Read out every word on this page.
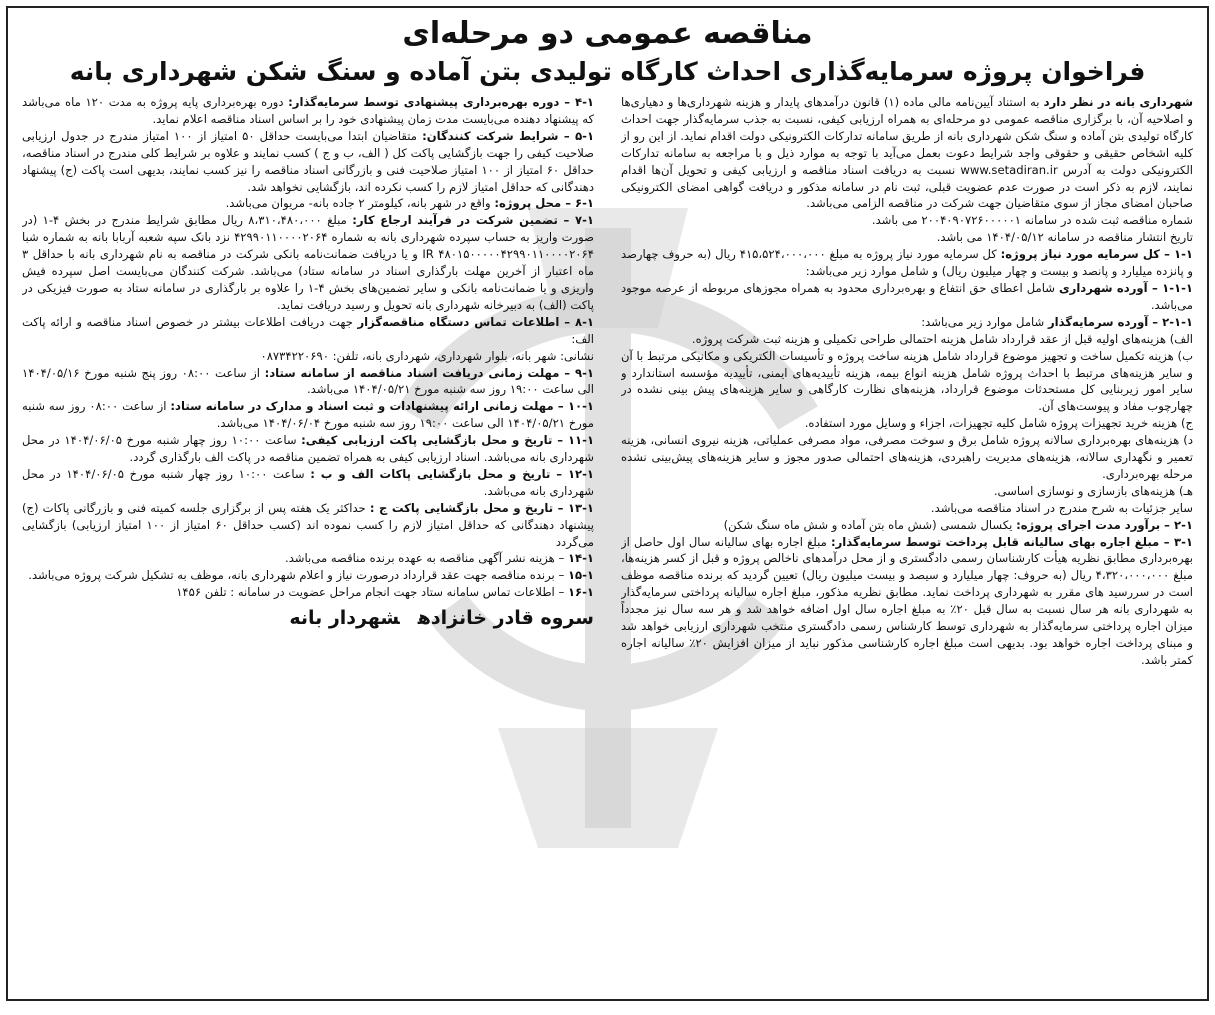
مناقصه عمومی دو مرحله‌ای
فراخوان پروژه سرمایه‌گذاری احداث کارگاه تولیدی بتن آماده و سنگ شکن شهرداری بانه

شهرداری بانه در نظر دارد به استناد آیین‌نامه مالی ماده (۱) قانون درآمدهای پایدار و هزینه شهرداری‌ها و دهیاری‌ها و اصلاحیه آن، با برگزاری مناقصه عمومی دو مرحله‌ای به همراه ارزیابی کیفی، نسبت به جذب سرمایه‌گذار جهت احداث کارگاه تولیدی بتن آماده و سنگ شکن شهرداری بانه از طریق سامانه تدارکات الکترونیکی دولت اقدام نماید. از این رو از کلیه اشخاص حقیقی و حقوقی واجد شرایط دعوت بعمل می‌آید با توجه به موارد ذیل و با مراجعه به سامانه تدارکات الکترونیکی دولت به آدرس www.setadiran.ir نسبت به دریافت اسناد مناقصه و ارزیابی کیفی و تحویل آن‌ها اقدام نمایند، لازم به ذکر است در صورت عدم عضویت قبلی، ثبت نام در سامانه مذکور و دریافت گواهی امضای الکترونیکی صاحبان امضای مجاز از سوی متقاضیان جهت شرکت در مناقصه الزامی می‌باشد.

شماره مناقصه ثبت شده در سامانه ۲۰۰۴۰۹۰۷۲۶۰۰۰۰۰۱ می باشد.

تاریخ انتشار مناقصه در سامانه ۱۴۰۴/۰۵/۱۲ می باشد.

۱-۱ – کل سرمایه مورد نیاز پروژه: کل سرمایه مورد نیاز پروژه به مبلغ ۴۱۵،۵۲۴،۰۰۰،۰۰۰ ریال (به حروف چهارصد و پانزده میلیارد و پانصد و بیست و چهار میلیون ریال) و شامل موارد زیر می‌باشد:

۱-۱-۱ – آورده شهرداری شامل اعطای حق انتفاع و بهره‌برداری محدود به همراه مجوزهای مربوطه از عرصه موجود می‌باشد.

۲-۱-۱ – آورده سرمایه‌گذار شامل موارد زیر می‌باشد:

الف) هزینه‌های اولیه قبل از عقد قرارداد شامل هزینه احتمالی طراحی تکمیلی و هزینه ثبت شرکت پروژه.

ب) هزینه تکمیل ساخت و تجهیز موضوع قرارداد شامل هزینه ساخت پروژه و تأسیسات الکتریکی و مکانیکی مرتبط با آن و سایر هزینه‌های مرتبط با احداث پروژه شامل هزینه انواع بیمه، هزینه تأییدیه‌های ایمنی، تأییدیه مؤسسه استاندارد و سایر امور زیربنایی کل مستحدثات موضوع قرارداد، هزینه‌های نظارت کارگاهی و سایر هزینه‌های پیش بینی نشده در چهارچوب مفاد و پیوست‌های آن.

ج) هزینه خرید تجهیزات پروژه شامل کلیه تجهیزات، اجزاء و وسایل مورد استفاده.

د) هزینه‌های بهره‌برداری سالانه پروژه شامل برق و سوخت مصرفی، مواد مصرفی عملیاتی، هزینه نیروی انسانی، هزینه تعمیر و نگهداری سالانه، هزینه‌های مدیریت راهبردی، هزینه‌های احتمالی صدور مجوز و سایر هزینه‌های پیش‌بینی نشده مرحله بهره‌برداری.

هـ) هزینه‌های بازسازی و نوسازی اساسی.

سایر جزئیات به شرح مندرج در اسناد مناقصه می‌باشد.

۲-۱ – برآورد مدت اجرای پروژه: یکسال شمسی (شش ماه بتن آماده و شش ماه سنگ شکن)

۳-۱ – مبلغ اجاره بهای سالیانه قابل پرداخت توسط سرمایه‌گذار: مبلغ اجاره بهای سالیانه سال اول حاصل از بهره‌برداری مطابق نظریه هیأت کارشناسان رسمی دادگستری و از محل درآمدهای ناخالص پروژه و قبل از کسر هزینه‌ها، مبلغ ۴،۳۲۰،۰۰۰،۰۰۰ ریال (به حروف: چهار میلیارد و سیصد و بیست میلیون ریال) تعیین گردید که برنده مناقصه موظف است در سررسید های مقرر به شهرداری پرداخت نماید. مطابق نظریه مذکور، مبلغ اجاره سالیانه پرداختی سرمایه‌گذار به شهرداری بانه هر سال نسبت به سال قبل ۲۰٪ به مبلغ اجاره سال اول اضافه خواهد شد و هر سه سال نیز مجدداً میزان اجاره پرداختی سرمایه‌گذار به شهرداری توسط کارشناس رسمی دادگستری منتخب شهرداری ارزیابی خواهد شد و مبنای پرداخت اجاره خواهد بود. بدیهی است مبلغ اجاره کارشناسی مذکور نباید از میزان افزایش ۲۰٪ سالیانه اجاره کمتر باشد.

۴-۱ – دوره بهره‌برداری پیشنهادی توسط سرمایه‌گذار: دوره بهره‌برداری پایه پروژه به مدت ۱۲۰ ماه می‌باشد که پیشنهاد دهنده می‌بایست مدت زمان پیشنهادی خود را بر اساس اسناد مناقصه اعلام نماید.

۵-۱ – شرایط شرکت کنندگان: متقاضیان ابتدا می‌بایست حداقل ۵۰ امتیاز از ۱۰۰ امتیاز مندرج در جدول ارزیابی صلاحیت کیفی را جهت بازگشایی پاکت کل ( الف، ب و ج ) کسب نمایند و علاوه بر شرایط کلی مندرج در اسناد مناقصه، حداقل ۶۰ امتیاز از ۱۰۰ امتیاز صلاحیت فنی و بازرگانی اسناد مناقصه را نیز کسب نمایند، بدیهی است پاکت (ج) پیشنهاد دهندگانی که حداقل امتیاز لازم را کسب نکرده اند، بازگشایی نخواهد شد.

۶-۱ – محل پروژه: واقع در شهر بانه، کیلومتر ۲ جاده بانه- مریوان می‌باشد.

۷-۱ – تضمین شرکت در فرآیند ارجاع کار: مبلغ ۸،۳۱۰،۴۸۰،۰۰۰ ریال مطابق شرایط مندرج در بخش ۴-۱ (در صورت واریز به حساب سپرده شهرداری بانه به شماره ۴۲۹۹۰۱۱۰۰۰۰۲۰۶۴ نزد بانک سپه شعبه آربابا بانه به شماره شبا IR ۴۸۰۱۵۰۰۰۰۰۴۲۹۹۰۱۱۰۰۰۰۲۰۶۴ و یا دریافت ضمانت‌نامه بانکی شرکت در مناقصه به نام شهرداری بانه با حداقل ۳ ماه اعتبار از آخرین مهلت بارگذاری اسناد در سامانه ستاد) می‌باشد. شرکت کنندگان می‌بایست اصل سپرده فیش واریزی و یا ضمانت‌نامه بانکی و سایر تضمین‌های بخش ۴-۱ را علاوه بر بارگذاری در سامانه ستاد به صورت فیزیکی در پاکت (الف) به دبیرخانه شهرداری بانه تحویل و رسید دریافت نماید.

۸-۱ – اطلاعات تماس دستگاه مناقصه‌گزار جهت دریافت اطلاعات بیشتر در خصوص اسناد مناقصه و ارائه پاکت الف:

نشانی: شهر بانه، بلوار شهرداری، شهرداری بانه، تلفن: ۰۸۷۳۴۲۲۰۶۹۰

۹-۱ – مهلت زمانی دریافت اسناد مناقصه از سامانه ستاد: از ساعت ۰۸:۰۰ روز پنج شنبه مورخ ۱۴۰۴/۰۵/۱۶ الی ساعت ۱۹:۰۰ روز سه شنبه مورخ ۱۴۰۴/۰۵/۲۱ می‌باشد.

۱۰-۱ – مهلت زمانی ارائه پیشنهادات و ثبت اسناد و مدارک در سامانه ستاد: از ساعت ۰۸:۰۰ روز سه شنبه مورخ ۱۴۰۴/۰۵/۲۱ الی ساعت ۱۹:۰۰ روز سه شنبه مورخ ۱۴۰۴/۰۶/۰۴ می‌باشد.

۱۱-۱ – تاریخ و محل بازگشایی پاکت ارزیابی کیفی: ساعت ۱۰:۰۰ روز چهار شنبه مورخ ۱۴۰۴/۰۶/۰۵ در محل شهرداری بانه می‌باشد. اسناد ارزیابی کیفی به همراه تضمین مناقصه در پاکت الف بارگذاری گردد.

۱۲-۱ – تاریخ و محل بازگشایی پاکات الف و ب : ساعت ۱۰:۰۰ روز چهار شنبه مورخ ۱۴۰۴/۰۶/۰۵ در محل شهرداری بانه می‌باشد.

۱۳-۱ – تاریخ و محل بازگشایی پاکت ج : حداکثر یک هفته پس از برگزاری جلسه کمیته فنی و بازرگانی پاکات (ج) پیشنهاد دهندگانی که حداقل امتیاز لازم را کسب نموده اند (کسب حداقل ۶۰ امتیاز از ۱۰۰ امتیاز ارزیابی) بازگشایی می‌گردد

۱۴-۱ – هزینه نشر آگهی مناقصه به عهده برنده مناقصه می‌باشد.

۱۵-۱ – برنده مناقصه جهت عقد قرارداد درصورت نیاز و اعلام شهرداری بانه، موظف به تشکیل شرکت پروژه می‌باشد.

۱۶-۱ – اطلاعات تماس سامانه ستاد جهت انجام مراحل عضویت در سامانه : تلفن ۱۴۵۶

سروه قادر خانزادهشهردار بانه
